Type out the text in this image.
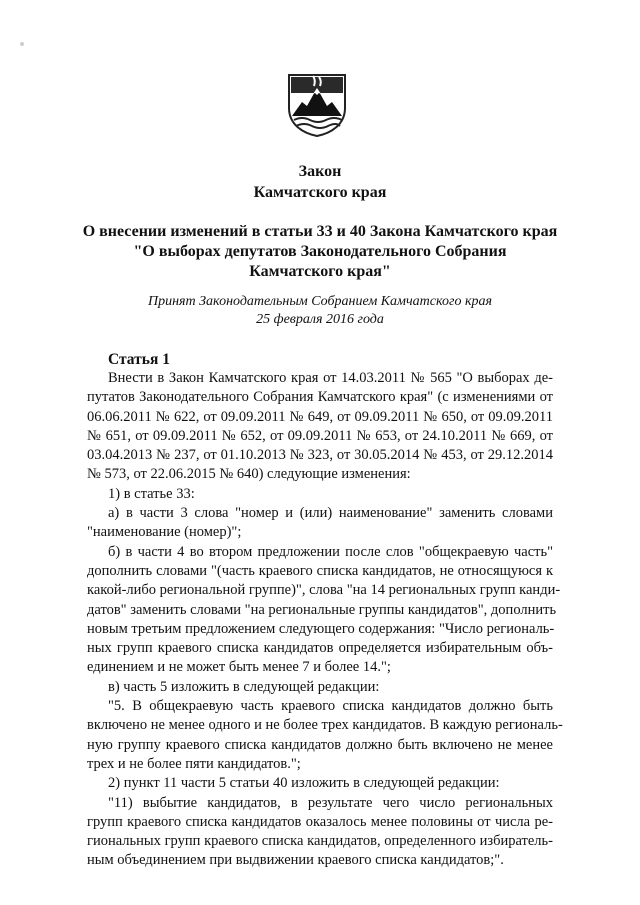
Закон
Камчатского края
О внесении изменений в статьи 33 и 40 Закона Камчатского края
"О выборах депутатов Законодательного Собрания
Камчатского края"
Принят Законодательным Собранием Камчатского края
25 февраля 2016 года
Статья 1
Внести в Закон Камчатского края от 14.03.2011 № 565 "О выборах де-
путатов Законодательного Собрания Камчатского края" (с изменениями от
06.06.2011 № 622, от 09.09.2011 № 649, от 09.09.2011 № 650, от 09.09.2011
№ 651, от 09.09.2011 № 652, от 09.09.2011 № 653, от 24.10.2011 № 669, от
03.04.2013 № 237, от 01.10.2013 № 323, от 30.05.2014 № 453, от 29.12.2014
№ 573, от 22.06.2015 № 640) следующие изменения:
1) в статье 33:
а) в части 3 слова "номер и (или) наименование" заменить словами
"наименование (номер)";
б) в части 4 во втором предложении после слов "общекраевую часть"
дополнить словами "(часть краевого списка кандидатов, не относящуюся к
какой-либо региональной группе)", слова "на 14 региональных групп канди-
датов" заменить словами "на региональные группы кандидатов", дополнить
новым третьим предложением следующего содержания: "Число региональ-
ных групп краевого списка кандидатов определяется избирательным объ-
единением и не может быть менее 7 и более 14.";
в) часть 5 изложить в следующей редакции:
"5. В общекраевую часть краевого списка кандидатов должно быть
включено не менее одного и не более трех кандидатов. В каждую региональ-
ную группу краевого списка кандидатов должно быть включено не менее
трех и не более пяти кандидатов.";
2) пункт 11 части 5 статьи 40 изложить в следующей редакции:
"11) выбытие кандидатов, в результате чего число региональных
групп краевого списка кандидатов оказалось менее половины от числа ре-
гиональных групп краевого списка кандидатов, определенного избиратель-
ным объединением при выдвижении краевого списка кандидатов;".
